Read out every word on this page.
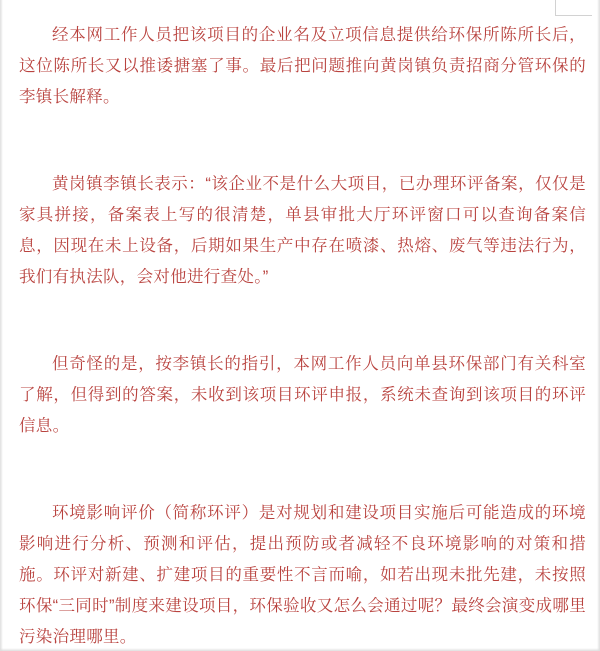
经本网工作人员把该项目的企业名及立项信息提供给环保所陈所长后，这位陈所长又以推诿搪塞了事。最后把问题推向黄岗镇负责招商分管环保的李镇长解释。

黄岗镇李镇长表示：“该企业不是什么大项目，已办理环评备案，仅仅是家具拼接，备案表上写的很清楚，单县审批大厅环评窗口可以查询备案信息，因现在未上设备，后期如果生产中存在喷漆、热熔、废气等违法行为，我们有执法队，会对他进行查处。”

但奇怪的是，按李镇长的指引，本网工作人员向单县环保部门有关科室了解，但得到的答案，未收到该项目环评申报，系统未查询到该项目的环评信息。

环境影响评价（简称环评）是对规划和建设项目实施后可能造成的环境影响进行分析、预测和评估，提出预防或者减轻不良环境影响的对策和措施。环评对新建、扩建项目的重要性不言而喻，如若出现未批先建，未按照环保“三同时”制度来建设项目，环保验收又怎么会通过呢？最终会演变成哪里污染治理哪里。
